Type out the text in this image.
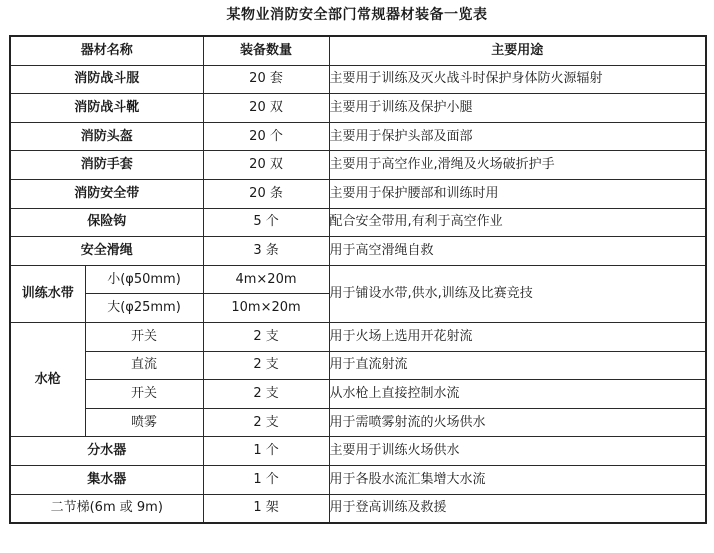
某物业消防安全部门常规器材装备一览表
器材名称		装备数量	主要用途
消防战斗服		20 套	主要用于训练及灭火战斗时保护身体防火源辐射
消防战斗靴		20 双	主要用于训练及保护小腿
消防头盔		20 个	主要用于保护头部及面部
消防手套		20 双	主要用于高空作业,滑绳及火场破折护手
消防安全带		20 条	主要用于保护腰部和训练时用
保险钩		5 个	配合安全带用,有利于高空作业
安全滑绳		3 条	用于高空滑绳自救
训练水带	小(φ50mm)	4m×20m	用于铺设水带,供水,训练及比赛竞技
	大(φ25mm)	10m×20m	
水枪	开关	2 支	用于火场上选用开花射流
	直流	2 支	用于直流射流
	开关	2 支	从水枪上直接控制水流
	喷雾	2 支	用于需喷雾射流的火场供水
分水器		1 个	主要用于训练火场供水
集水器		1 个	用于各股水流汇集增大水流
二节梯(6m 或 9m)		1 架	用于登高训练及救援
